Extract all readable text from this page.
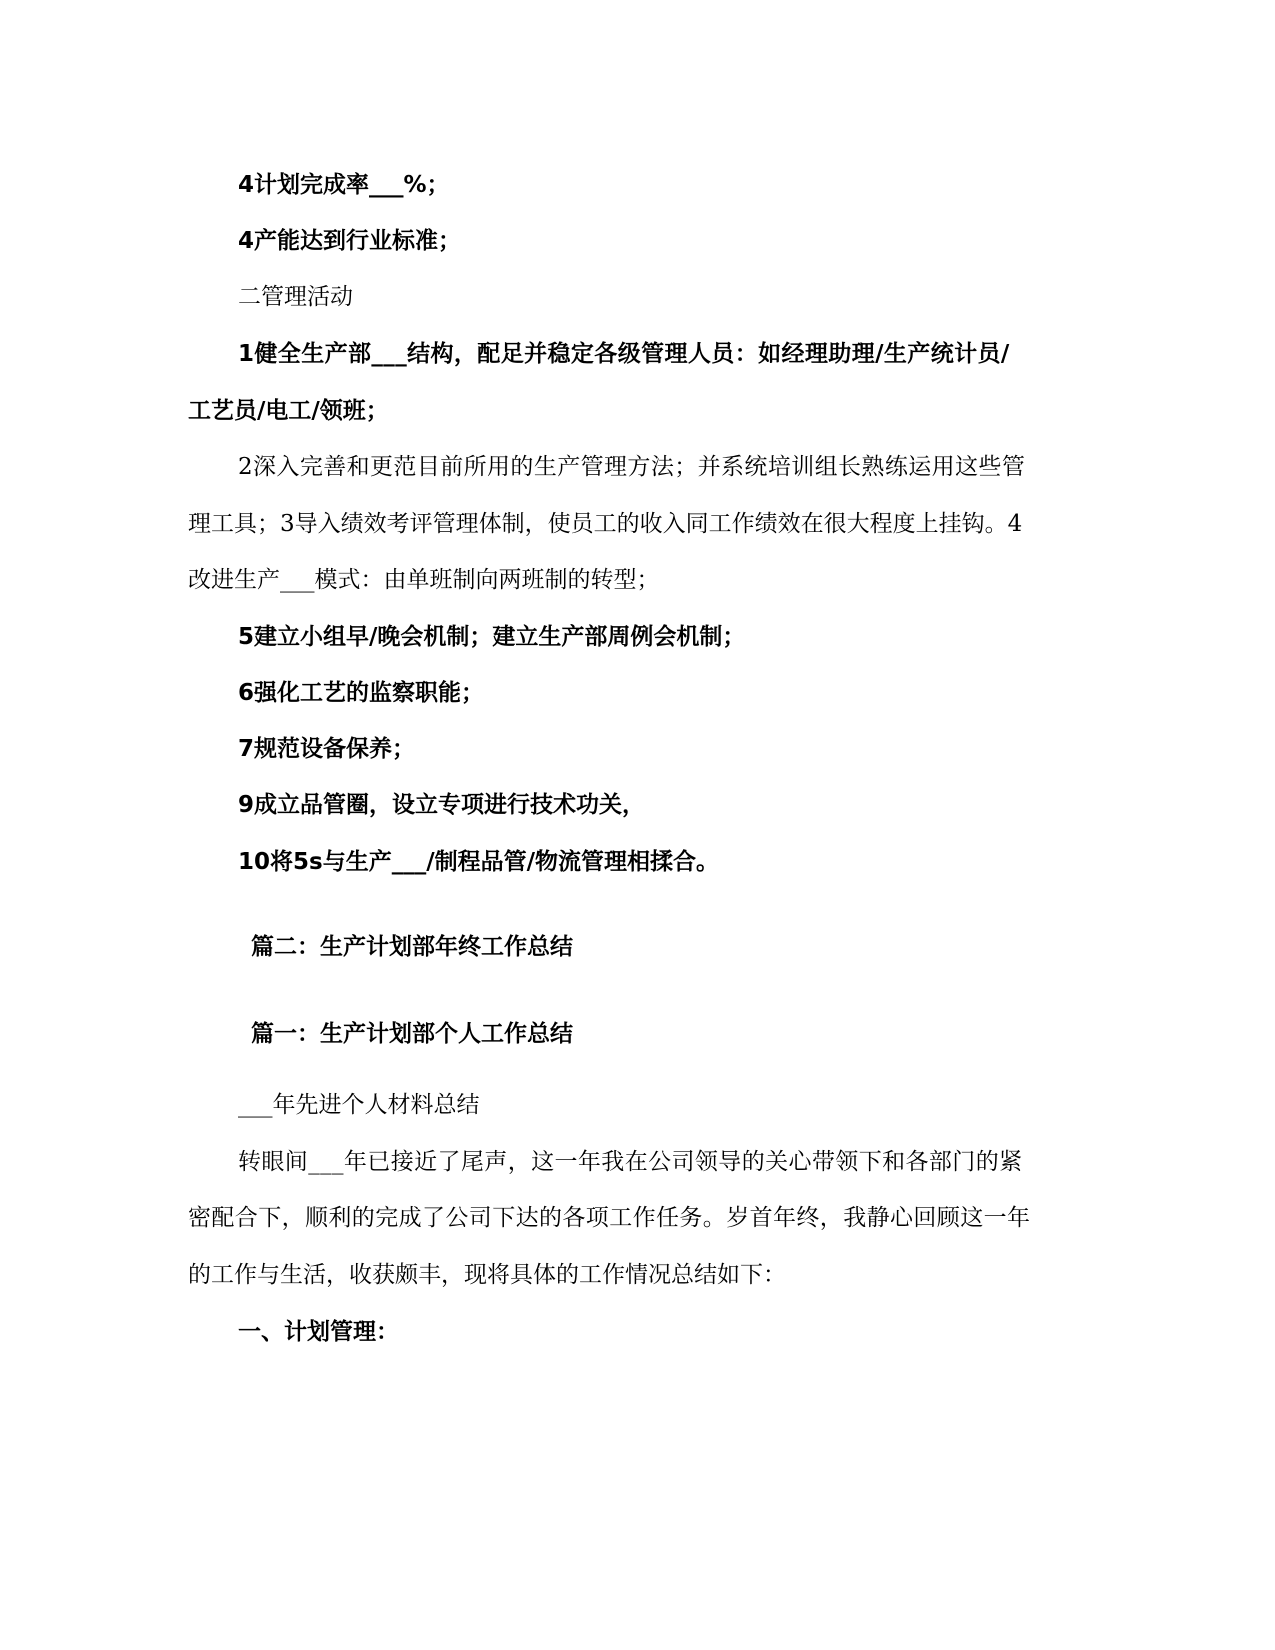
4计划完成率___%；
4产能达到行业标准；
二管理活动
1健全生产部___结构，配足并稳定各级管理人员：如经理助理/生产统计员/
工艺员/电工/领班；
2深入完善和更范目前所用的生产管理方法；并系统培训组长熟练运用这些管
理工具；3导入绩效考评管理体制，使员工的收入同工作绩效在很大程度上挂钩。4
改进生产___模式：由单班制向两班制的转型；
5建立小组早/晚会机制；建立生产部周例会机制；
6强化工艺的监察职能；
7规范设备保养；
9成立品管圈，设立专项进行技术功关，
10将5s与生产___/制程品管/物流管理相揉合。
篇二：生产计划部年终工作总结
篇一：生产计划部个人工作总结
___年先进个人材料总结
转眼间___年已接近了尾声，这一年我在公司领导的关心带领下和各部门的紧
密配合下，顺利的完成了公司下达的各项工作任务。岁首年终，我静心回顾这一年
的工作与生活，收获颇丰，现将具体的工作情况总结如下：
一、计划管理：
